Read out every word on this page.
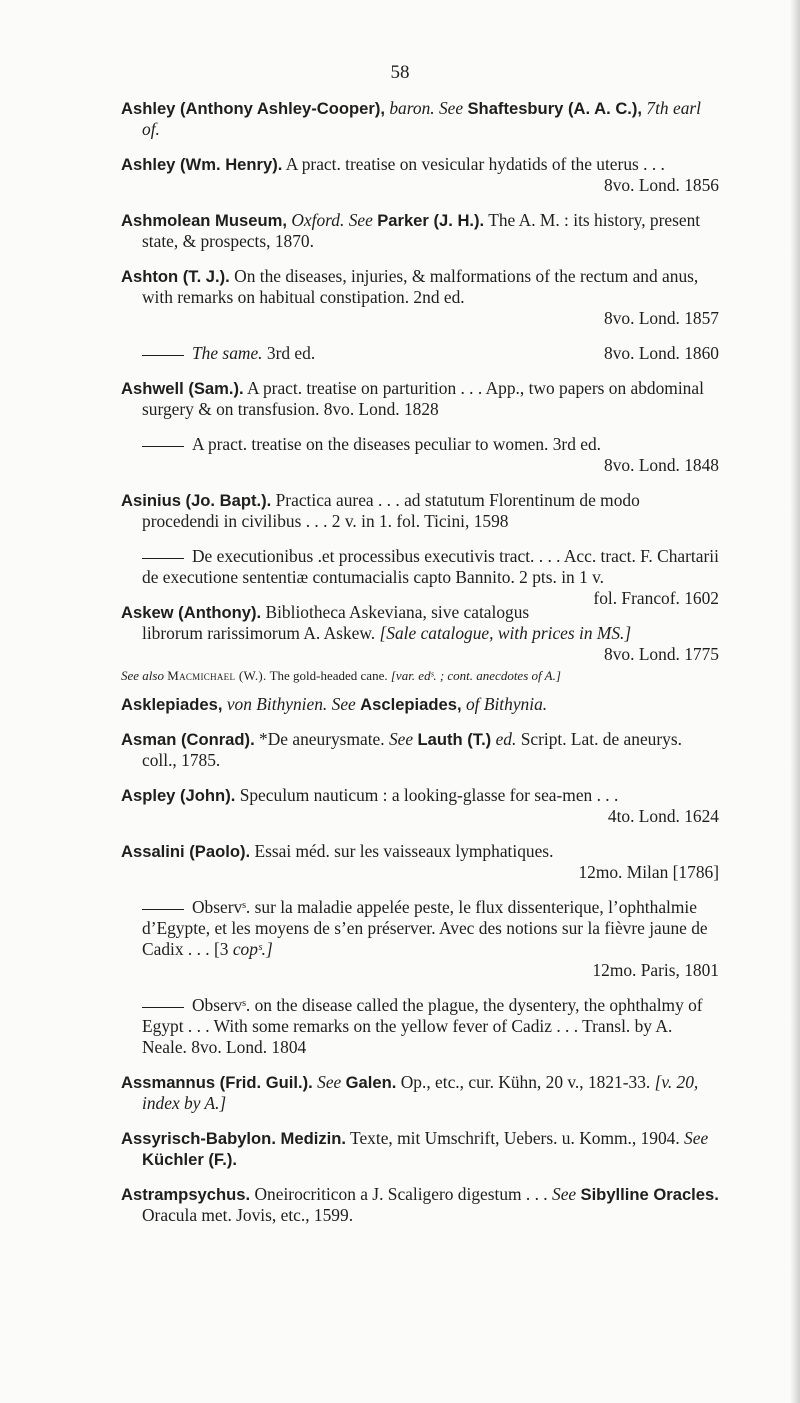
58

Ashley (Anthony Ashley-Cooper), baron. See Shaftesbury (A. A. C.), 7th earl of.

Ashley (Wm. Henry). A pract. treatise on vesicular hydatids of the uterus . . .
8vo. Lond. 1856

Ashmolean Museum, Oxford. See Parker (J. H.). The A. M. : its history, present state, & prospects, 1870.

Ashton (T. J.). On the diseases, injuries, & malformations of the rectum and anus, with remarks on habitual constipation. 2nd ed.
8vo. Lond. 1857

The same. 3rd ed.	8vo. Lond. 1860

Ashwell (Sam.). A pract. treatise on parturition . . . App., two papers on abdominal surgery & on transfusion. 8vo. Lond. 1828

A pract. treatise on the diseases peculiar to women. 3rd ed.
8vo. Lond. 1848

Asinius (Jo. Bapt.). Practica aurea . . . ad statutum Florentinum de modo procedendi in civilibus . . . 2 v. in 1. fol. Ticini, 1598

De executionibus .et processibus executivis tract. . . . Acc. tract. F. Chartarii de executione sententiæ contumacialis capto Bannito. 2 pts. in 1 v.
fol. Francof. 1602

Askew (Anthony). Bibliotheca Askeviana, sive catalogus librorum rarissimorum A. Askew. [Sale catalogue, with prices in MS.]
8vo. Lond. 1775

See also Macmichael (W.). The gold-headed cane. [var. edˢ. ; cont. anecdotes of A.]

Asklepiades, von Bithynien. See Asclepiades, of Bithynia.

Asman (Conrad). *De aneurysmate. See Lauth (T.) ed. Script. Lat. de aneurys. coll., 1785.

Aspley (John). Speculum nauticum : a looking-glasse for sea-men . . .
4to. Lond. 1624

Assalini (Paolo). Essai méd. sur les vaisseaux lymphatiques.
12mo. Milan [1786]

Observˢ. sur la maladie appelée peste, le flux dissenterique, l’ophthalmie d’Egypte, et les moyens de s’en préserver. Avec des notions sur la fièvre jaune de Cadix . . . [3 copˢ.]
12mo. Paris, 1801

Observˢ. on the disease called the plague, the dysentery, the ophthalmy of Egypt . . . With some remarks on the yellow fever of Cadiz . . . Transl. by A. Neale. 8vo. Lond. 1804

Assmannus (Frid. Guil.). See Galen. Op., etc., cur. Kühn, 20 v., 1821-33. [v. 20, index by A.]

Assyrisch-Babylon. Medizin. Texte, mit Umschrift, Uebers. u. Komm., 1904. See Küchler (F.).

Astrampsychus. Oneirocriticon a J. Scaligero digestum . . . See Sibylline Oracles. Oracula met. Jovis, etc., 1599.
